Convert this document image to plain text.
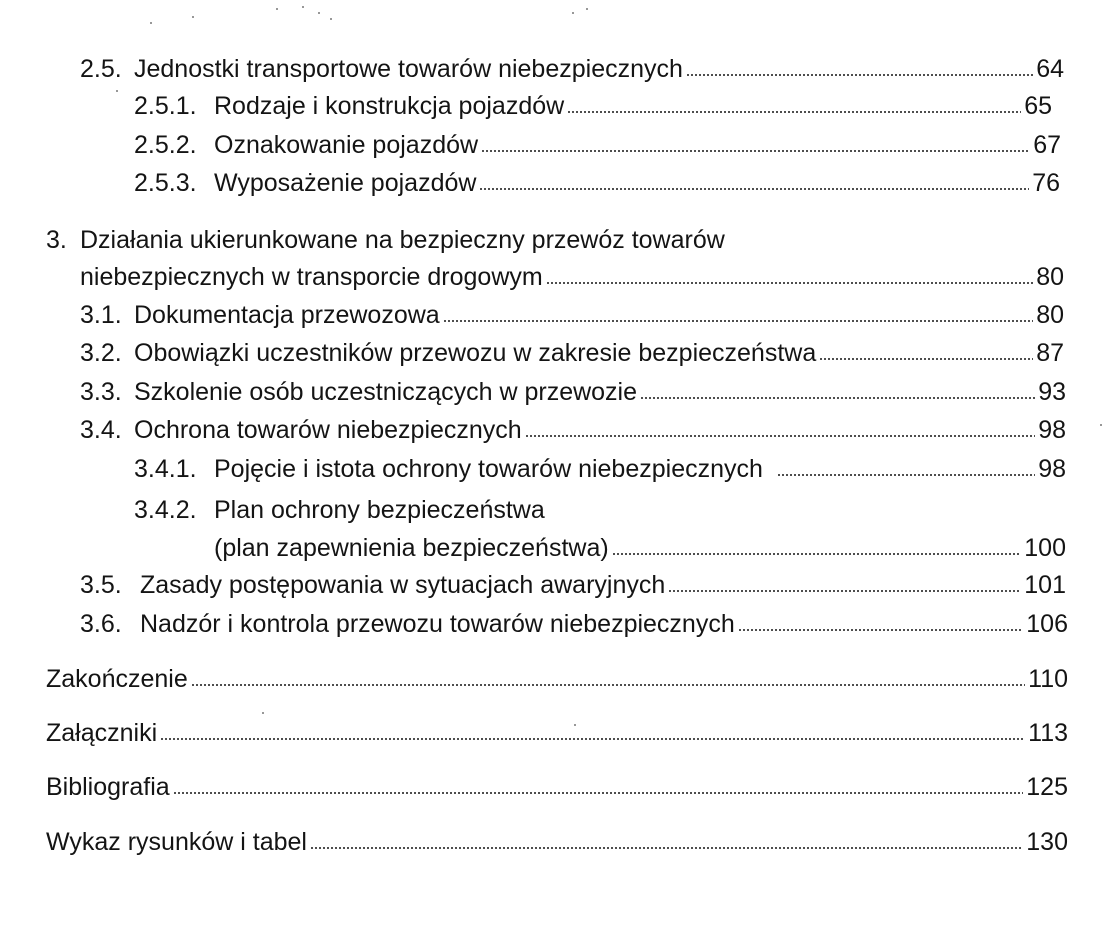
2.5. Jednostki transportowe towarów niebezpiecznych	64
2.5.1. Rodzaje i konstrukcja pojazdów	65
2.5.2. Oznakowanie pojazdów	67
2.5.3. Wyposażenie pojazdów	76
3. Działania ukierunkowane na bezpieczny przewóz towarów
niebezpiecznych w transporcie drogowym	80
3.1. Dokumentacja przewozowa	80
3.2. Obowiązki uczestników przewozu w zakresie bezpieczeństwa	87
3.3. Szkolenie osób uczestniczących w przewozie	93
3.4. Ochrona towarów niebezpiecznych	98
3.4.1. Pojęcie i istota ochrony towarów niebezpiecznych	98
3.4.2. Plan ochrony bezpieczeństwa
(plan zapewnienia bezpieczeństwa)	100
3.5. Zasady postępowania w sytuacjach awaryjnych	101
3.6. Nadzór i kontrola przewozu towarów niebezpiecznych	106
Zakończenie	110
Załączniki	113
Bibliografia	125
Wykaz rysunków i tabel	130
